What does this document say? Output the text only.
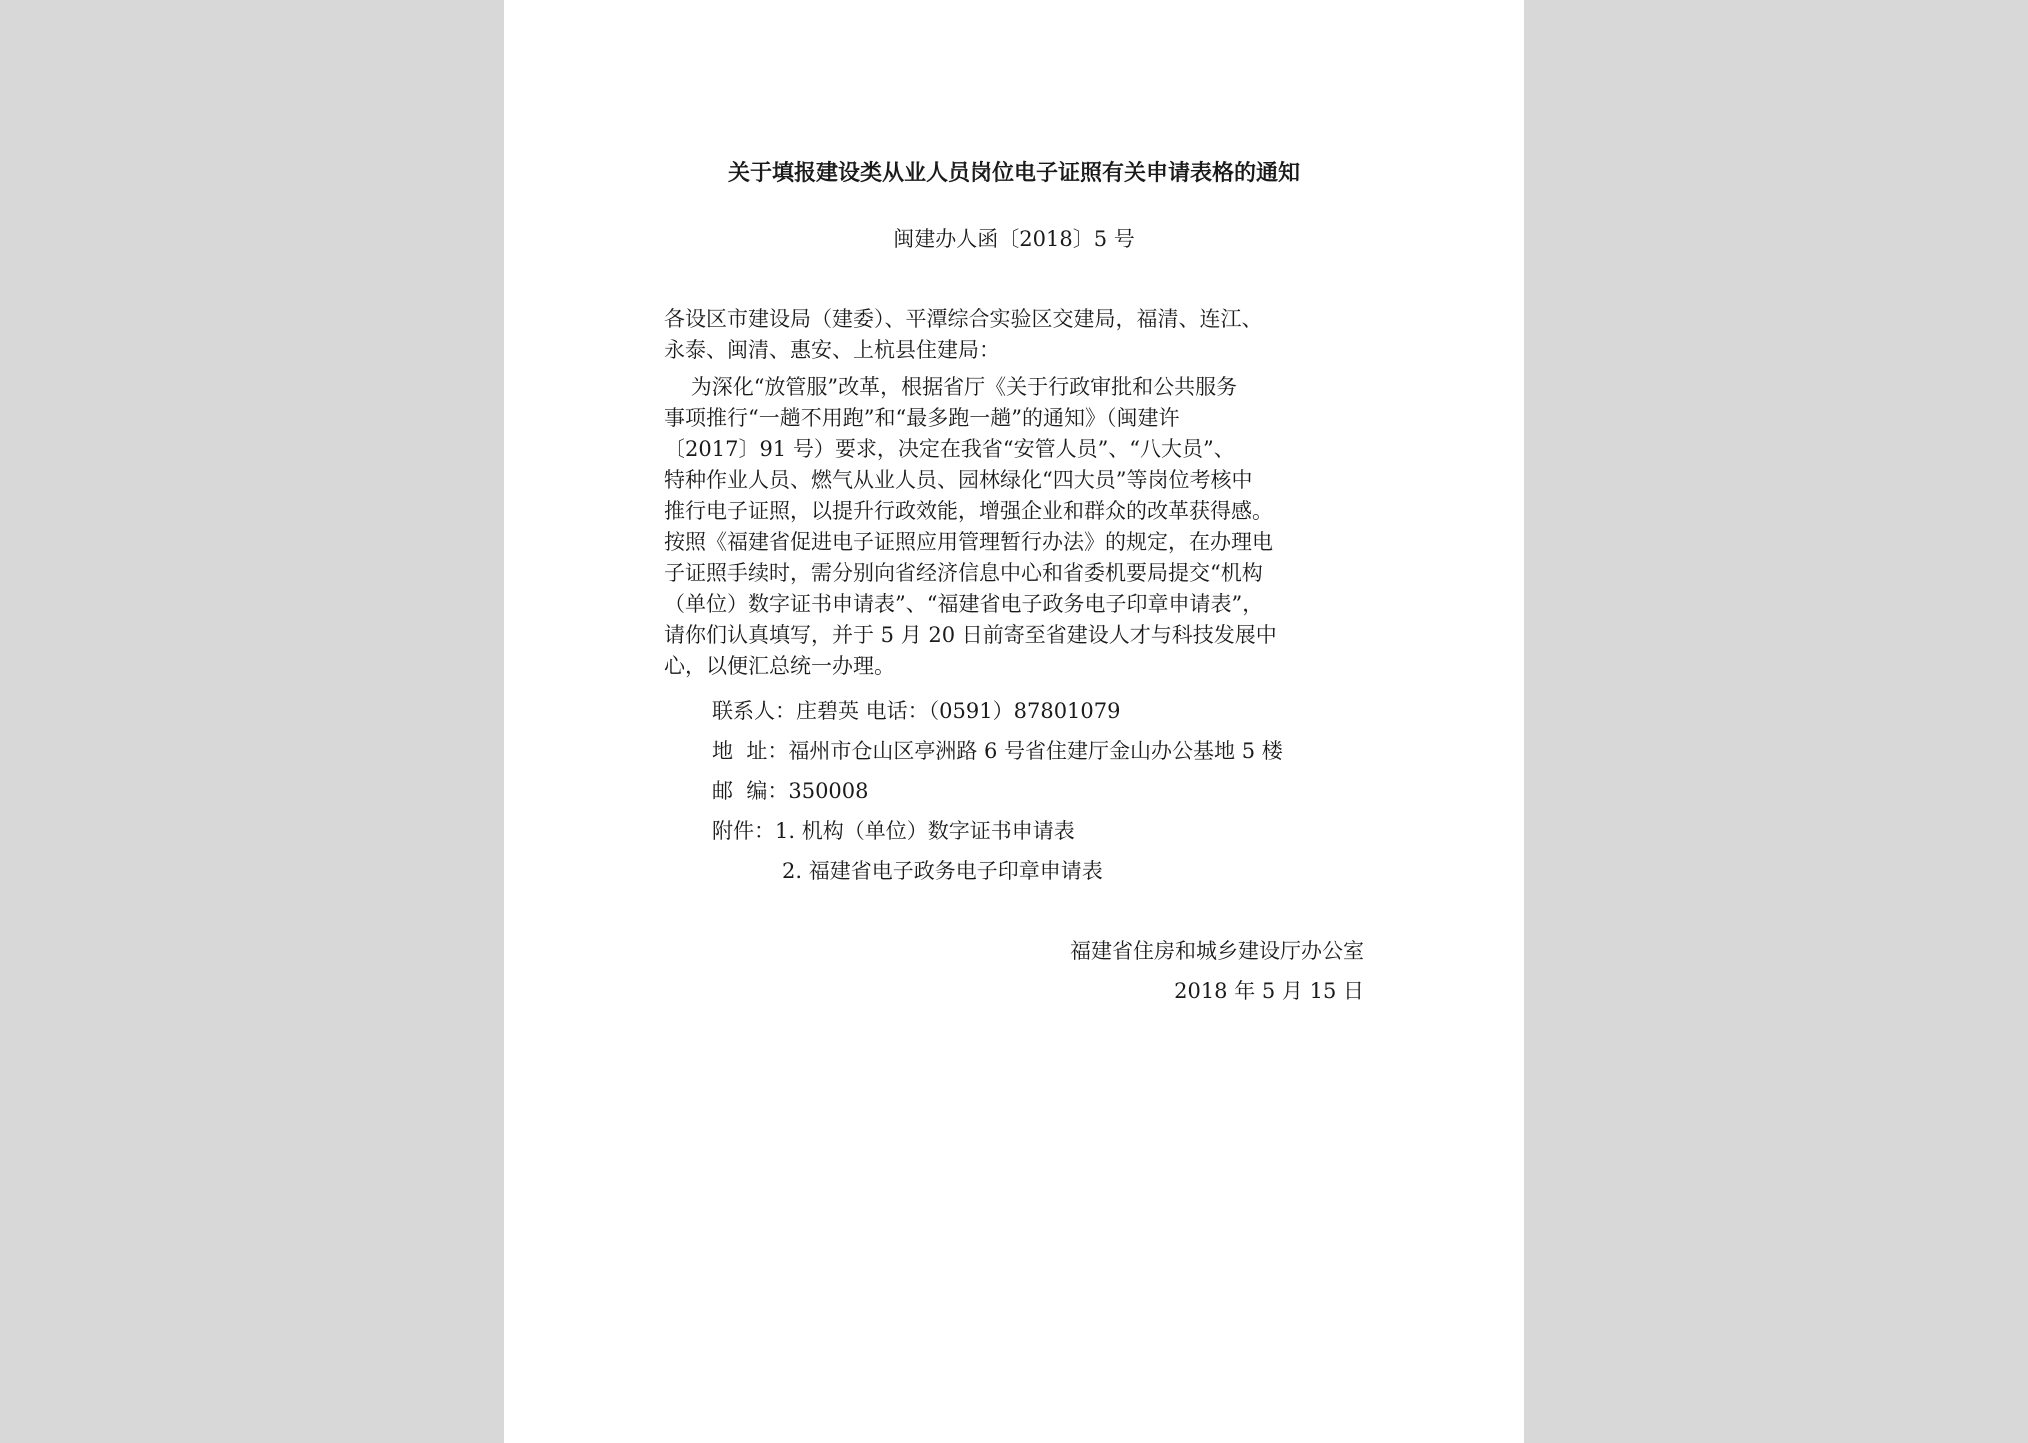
关于填报建设类从业人员岗位电子证照有关申请表格的通知
闽建办人函〔2018〕5 号
各设区市建设局（建委）、平潭综合实验区交建局，福清、连江、
永泰、闽清、惠安、上杭县住建局：
为深化“放管服”改革，根据省厅《关于行政审批和公共服务
事项推行“一趟不用跑”和“最多跑一趟”的通知》（闽建许
〔2017〕91 号）要求，决定在我省“安管人员”、“八大员”、
特种作业人员、燃气从业人员、园林绿化“四大员”等岗位考核中
推行电子证照，以提升行政效能，增强企业和群众的改革获得感。
按照《福建省促进电子证照应用管理暂行办法》的规定，在办理电
子证照手续时，需分别向省经济信息中心和省委机要局提交“机构
（单位）数字证书申请表”、“福建省电子政务电子印章申请表”，
请你们认真填写，并于 5 月 20 日前寄至省建设人才与科技发展中
心，以便汇总统一办理。
联系人：庄碧英 电话：（0591）87801079
地  址：福州市仓山区亭洲路 6 号省住建厅金山办公基地 5 楼
邮  编：350008
附件：1. 机构（单位）数字证书申请表
2. 福建省电子政务电子印章申请表
福建省住房和城乡建设厅办公室
2018 年 5 月 15 日
